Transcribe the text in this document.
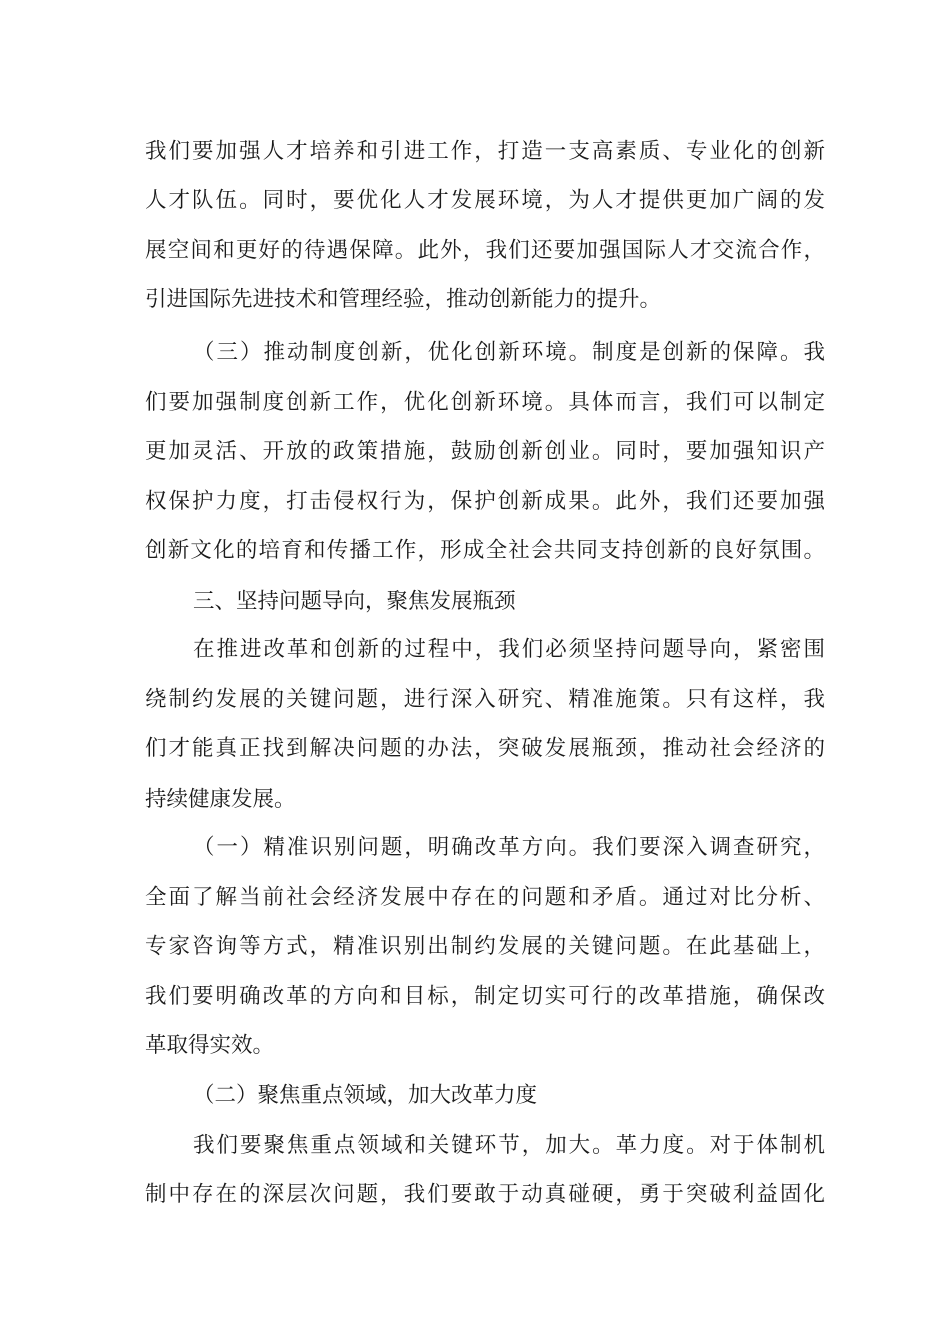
我们要加强人才培养和引进工作，打造一支高素质、专业化的创新
人才队伍。同时，要优化人才发展环境，为人才提供更加广阔的发
展空间和更好的待遇保障。此外，我们还要加强国际人才交流合作，
引进国际先进技术和管理经验，推动创新能力的提升。
（三）推动制度创新，优化创新环境。制度是创新的保障。我
们要加强制度创新工作，优化创新环境。具体而言，我们可以制定
更加灵活、开放的政策措施，鼓励创新创业。同时，要加强知识产
权保护力度，打击侵权行为，保护创新成果。此外，我们还要加强
创新文化的培育和传播工作，形成全社会共同支持创新的良好氛围。
三、坚持问题导向，聚焦发展瓶颈
在推进改革和创新的过程中，我们必须坚持问题导向，紧密围
绕制约发展的关键问题，进行深入研究、精准施策。只有这样，我
们才能真正找到解决问题的办法，突破发展瓶颈，推动社会经济的
持续健康发展。
（一）精准识别问题，明确改革方向。我们要深入调查研究，
全面了解当前社会经济发展中存在的问题和矛盾。通过对比分析、
专家咨询等方式，精准识别出制约发展的关键问题。在此基础上，
我们要明确改革的方向和目标，制定切实可行的改革措施，确保改
革取得实效。
（二）聚焦重点领域，加大改革力度
我们要聚焦重点领域和关键环节，加大。革力度。对于体制机
制中存在的深层次问题，我们要敢于动真碰硬，勇于突破利益固化
